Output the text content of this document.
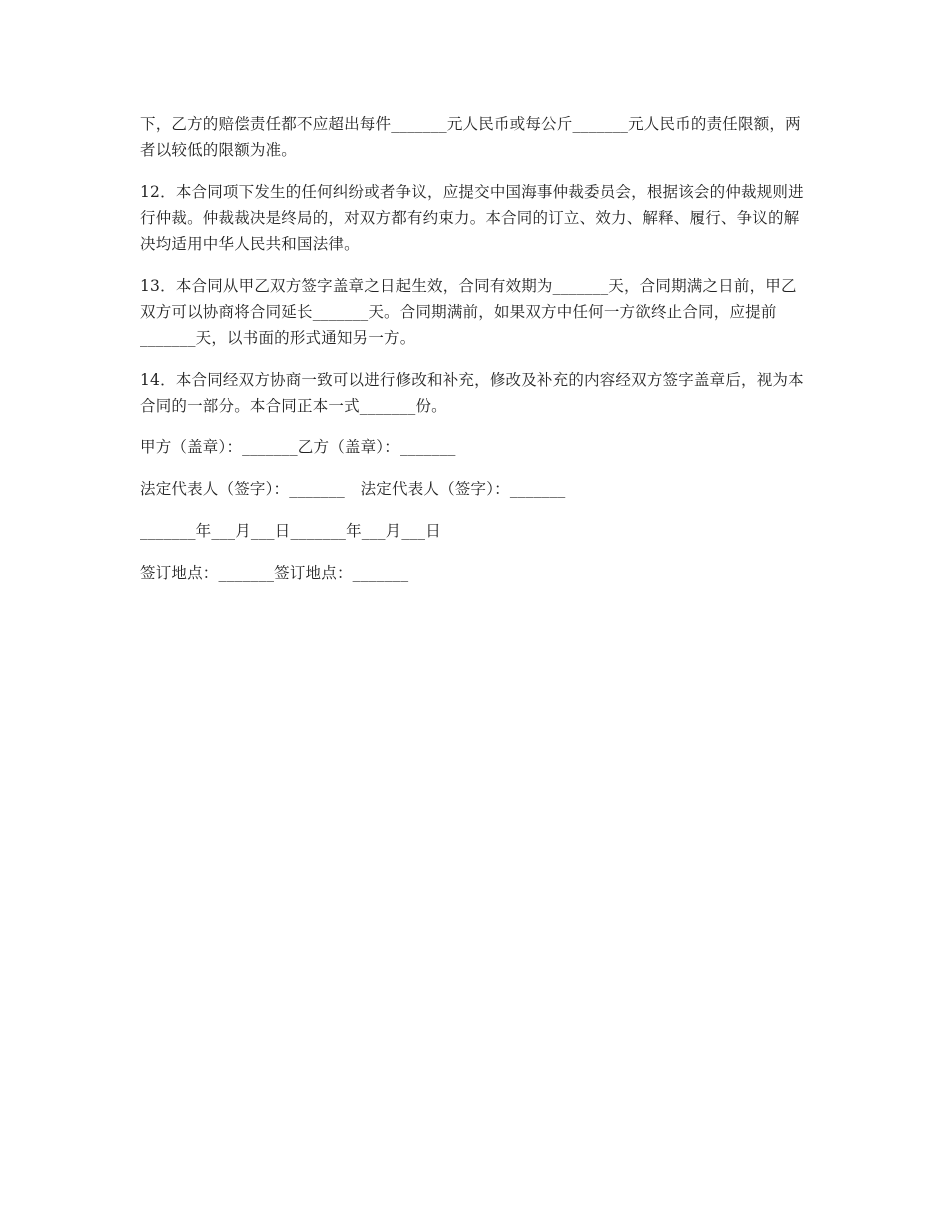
下，乙方的赔偿责任都不应超出每件_______元人民币或每公斤_______元人民币的责任限额，两者以较低的限额为准。

12．本合同项下发生的任何纠纷或者争议，应提交中国海事仲裁委员会，根据该会的仲裁规则进行仲裁。仲裁裁决是终局的，对双方都有约束力。本合同的订立、效力、解释、履行、争议的解决均适用中华人民共和国法律。

13．本合同从甲乙双方签字盖章之日起生效，合同有效期为_______天，合同期满之日前，甲乙双方可以协商将合同延长_______天。合同期满前，如果双方中任何一方欲终止合同，应提前_______天，以书面的形式通知另一方。

14．本合同经双方协商一致可以进行修改和补充，修改及补充的内容经双方签字盖章后，视为本合同的一部分。本合同正本一式_______份。

甲方（盖章）：_______乙方（盖章）：_______

法定代表人（签字）：_______　法定代表人（签字）：_______

_______年___月___日_______年___月___日

签订地点：_______签订地点：_______
